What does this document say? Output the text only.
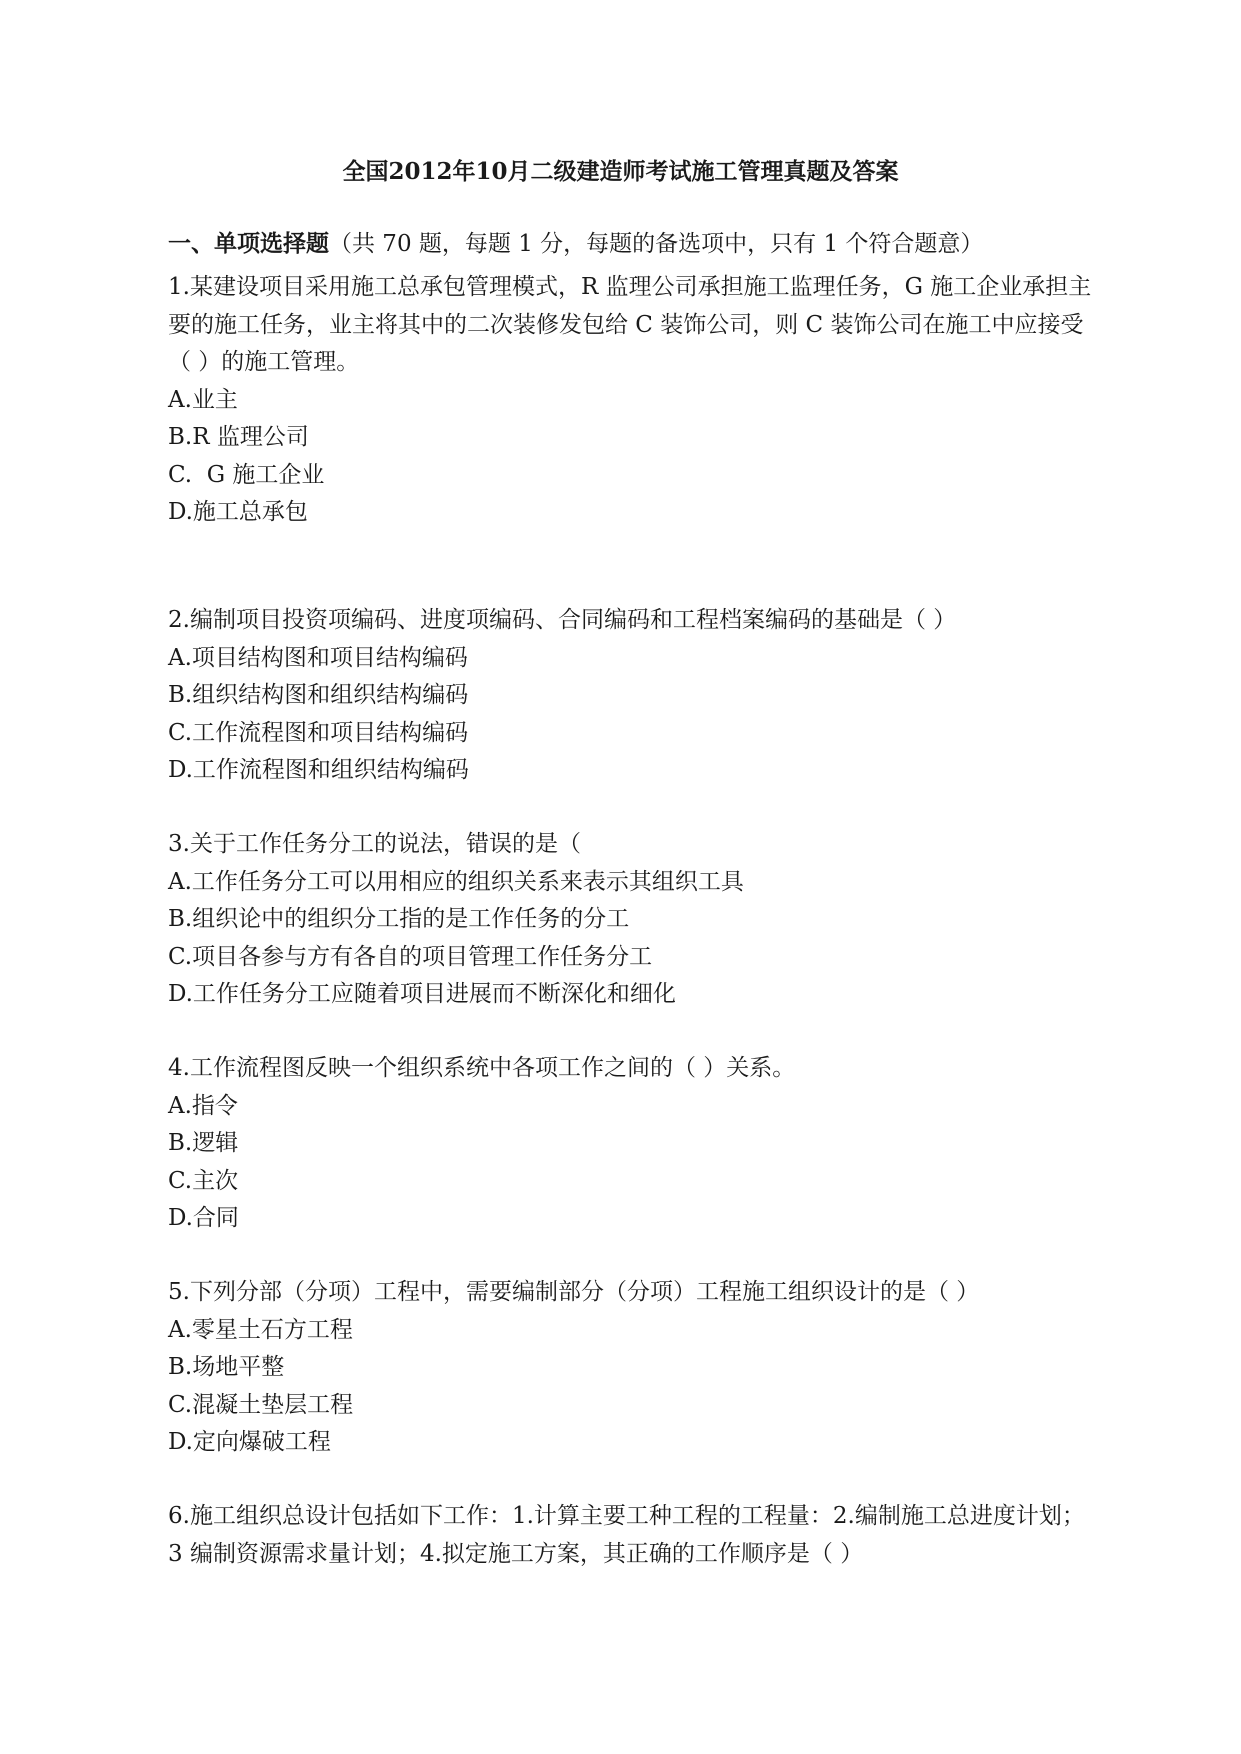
全国2012年10月二级建造师考试施工管理真题及答案

一、单项选择题（共 70 题，每题 1 分，每题的备选项中，只有 1 个符合题意）

1.某建设项目采用施工总承包管理模式，R 监理公司承担施工监理任务，G 施工企业承担主要的施工任务，业主将其中的二次装修发包给 C 装饰公司，则 C 装饰公司在施工中应接受（ ）的施工管理。

A.业主

B.R 监理公司

C.  G 施工企业

D.施工总承包

2.编制项目投资项编码、进度项编码、合同编码和工程档案编码的基础是（ ）

A.项目结构图和项目结构编码

B.组织结构图和组织结构编码

C.工作流程图和项目结构编码

D.工作流程图和组织结构编码

3.关于工作任务分工的说法，错误的是（

A.工作任务分工可以用相应的组织关系来表示其组织工具

B.组织论中的组织分工指的是工作任务的分工

C.项目各参与方有各自的项目管理工作任务分工

D.工作任务分工应随着项目进展而不断深化和细化

4.工作流程图反映一个组织系统中各项工作之间的（ ）关系。

A.指令

B.逻辑

C.主次

D.合同

5.下列分部（分项）工程中，需要编制部分（分项）工程施工组织设计的是（ ）

A.零星土石方工程

B.场地平整

C.混凝土垫层工程

D.定向爆破工程

6.施工组织总设计包括如下工作：1.计算主要工种工程的工程量：2.编制施工总进度计划；3 编制资源需求量计划；4.拟定施工方案，其正确的工作顺序是（ ）
